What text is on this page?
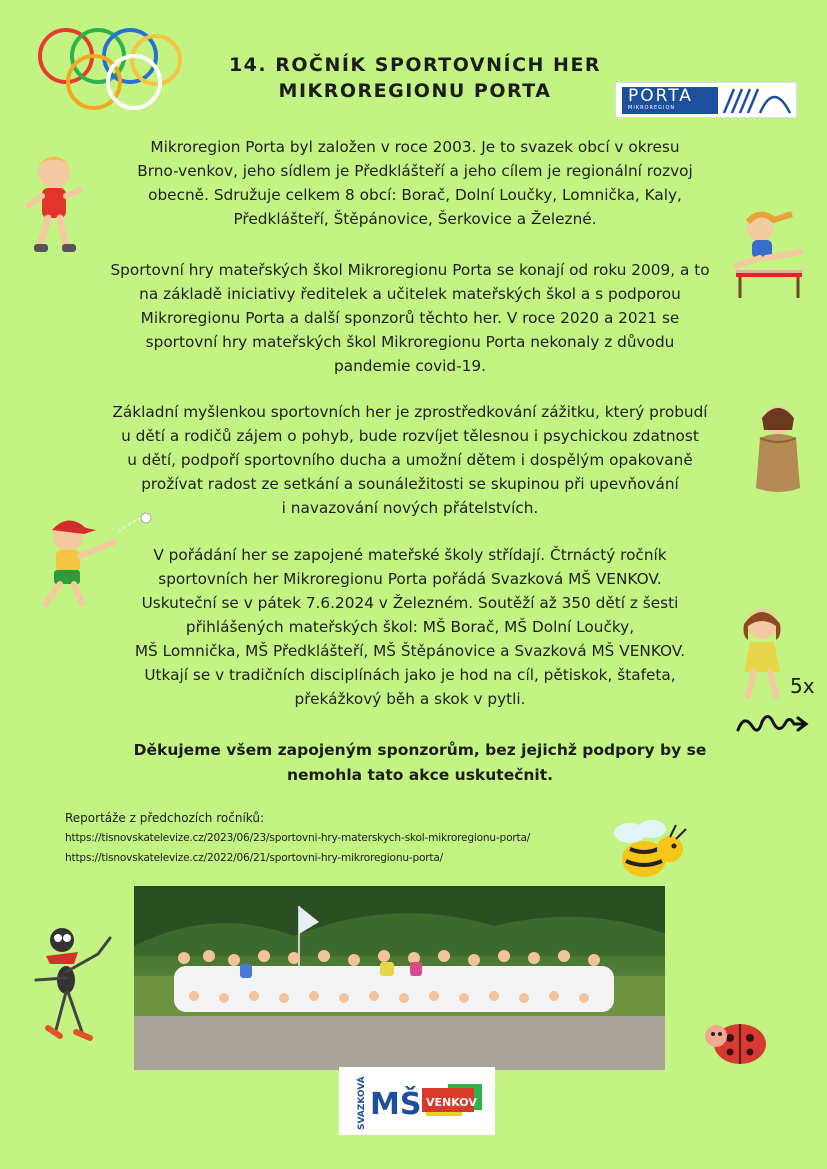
14. ROČNÍK SPORTOVNÍCH HER
MIKROREGIONU PORTA	PORTA
MIKROREGION
Mikroregion Porta byl založen v roce 2003. Je to svazek obcí v okresu
Brno-venkov, jeho sídlem je Předklášteří a jeho cílem je regionální rozvoj
obecně. Sdružuje celkem 8 obcí: Borač, Dolní Loučky, Lomnička, Kaly,
Předklášteří, Štěpánovice, Šerkovice a Železné.
Sportovní hry mateřských škol Mikroregionu Porta se konají od roku 2009, a to
na základě iniciativy ředitelek a učitelek mateřských škol a s podporou
Mikroregionu Porta a další sponzorů těchto her. V roce 2020 a 2021 se
sportovní hry mateřských škol Mikroregionu Porta nekonaly z důvodu
pandemie covid-19.
Základní myšlenkou sportovních her je zprostředkování zážitku, který probudí
u dětí a rodičů zájem o pohyb, bude rozvíjet tělesnou i psychickou zdatnost
u dětí, podpoří sportovního ducha a umožní dětem i dospělým opakovaně
prožívat radost ze setkání a sounáležitosti se skupinou při upevňování
i navazování nových přátelstvích.
V pořádání her se zapojené mateřské školy střídají. Čtrnáctý ročník
sportovních her Mikroregionu Porta pořádá Svazková MŠ VENKOV.
Uskuteční se v pátek 7.6.2024 v Železném. Soutěží až 350 dětí z šesti
přihlášených mateřských škol: MŠ Borač, MŠ Dolní Loučky,
MŠ Lomnička, MŠ Předklášteří, MŠ Štěpánovice a Svazková MŠ VENKOV.
Utkají se v tradičních disciplínách jako je hod na cíl, pětiskok, štafeta,
překážkový běh a skok v pytli.
Děkujeme všem zapojeným sponzorům, bez jejichž podpory by se
nemohla tato akce uskutečnit.
Reportáže z předchozích ročníků:
https://tisnovskatelevize.cz/2023/06/23/sportovni-hry-materskych-skol-mikroregionu-porta/
https://tisnovskatelevize.cz/2022/06/21/sportovni-hry-mikroregionu-porta/
5x
SVAZKOVÁ MŠ VENKOV
